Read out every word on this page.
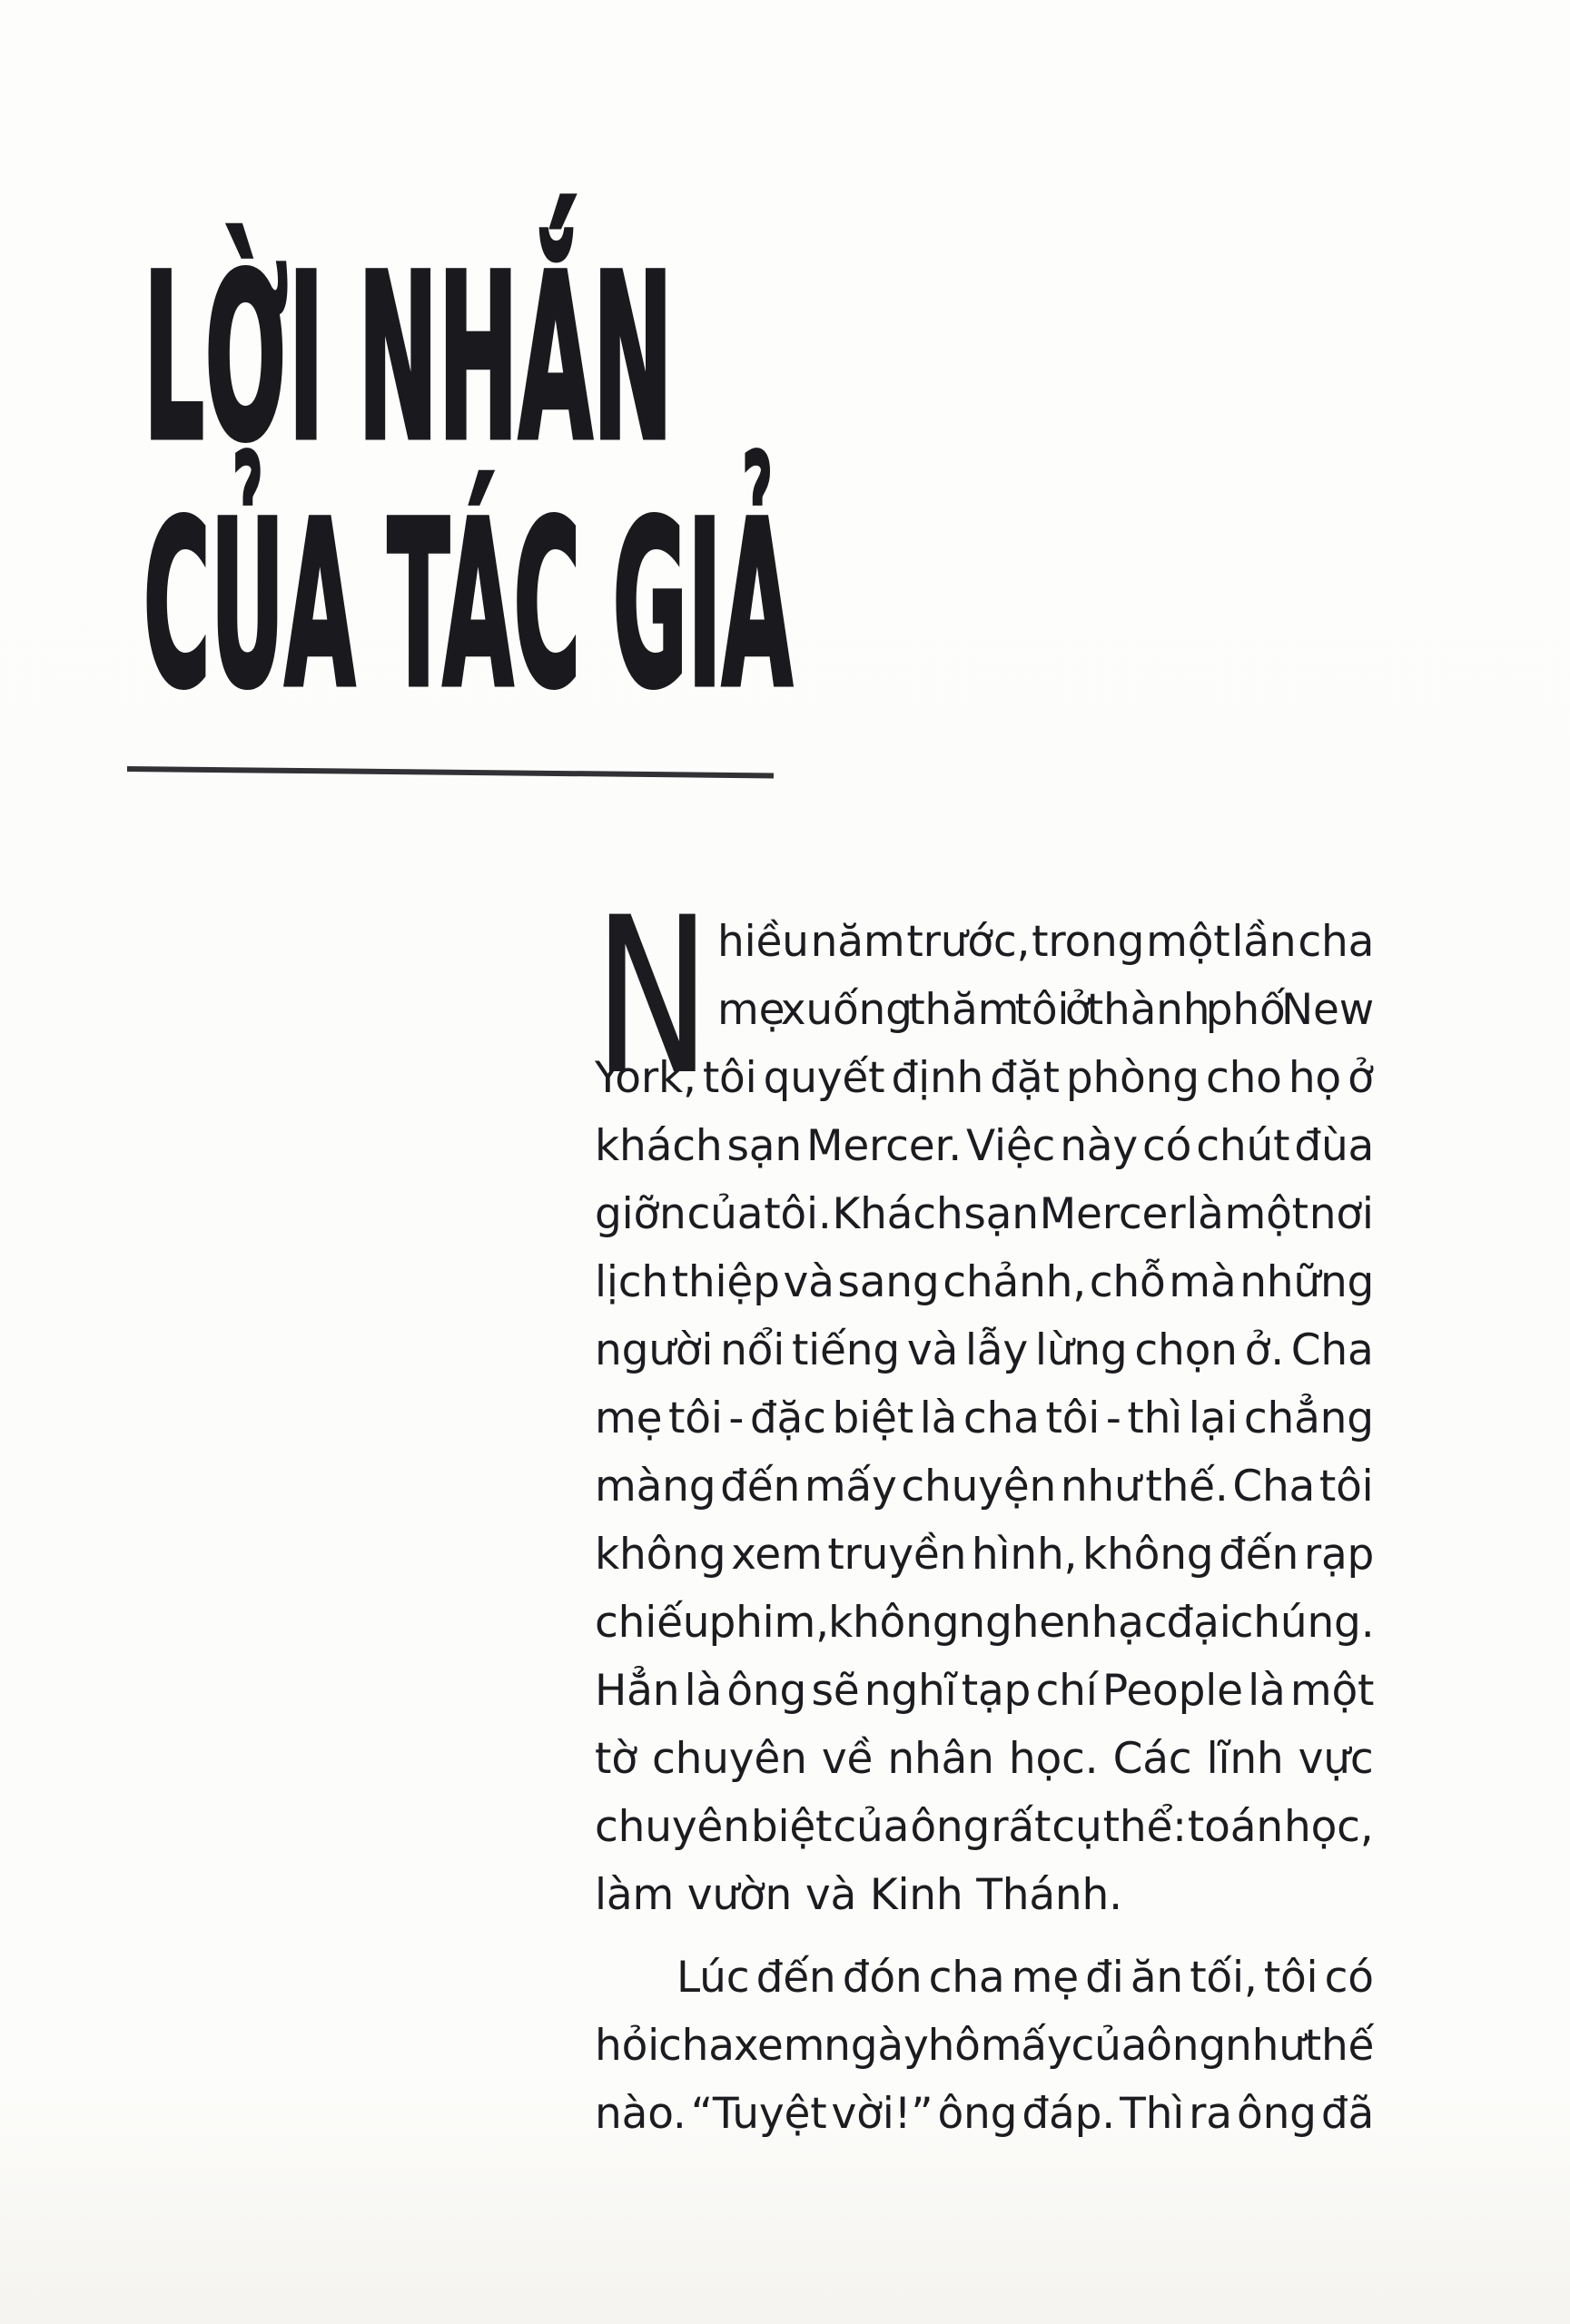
LỜI NHẮN
CỦA TÁC GIẢ
N hiều năm trước, trong một lần cha
mẹ xuống thăm tôi ở thành phố New
York, tôi quyết định đặt phòng cho họ ở
khách sạn Mercer. Việc này có chút đùa
giỡn của tôi. Khách sạn Mercer là một nơi
lịch thiệp và sang chảnh, chỗ mà những
người nổi tiếng và lẫy lừng chọn ở. Cha
mẹ tôi - đặc biệt là cha tôi - thì lại chẳng
màng đến mấy chuyện như thế. Cha tôi
không xem truyền hình, không đến rạp
chiếu phim, không nghe nhạc đại chúng.
Hẳn là ông sẽ nghĩ tạp chí People là một
tờ chuyên về nhân học. Các lĩnh vực
chuyên biệt của ông rất cụ thể: toán học,
làm vườn và Kinh Thánh.
Lúc đến đón cha mẹ đi ăn tối, tôi có
hỏi cha xem ngày hôm ấy của ông như thế
nào. “Tuyệt vời!” ông đáp. Thì ra ông đã
